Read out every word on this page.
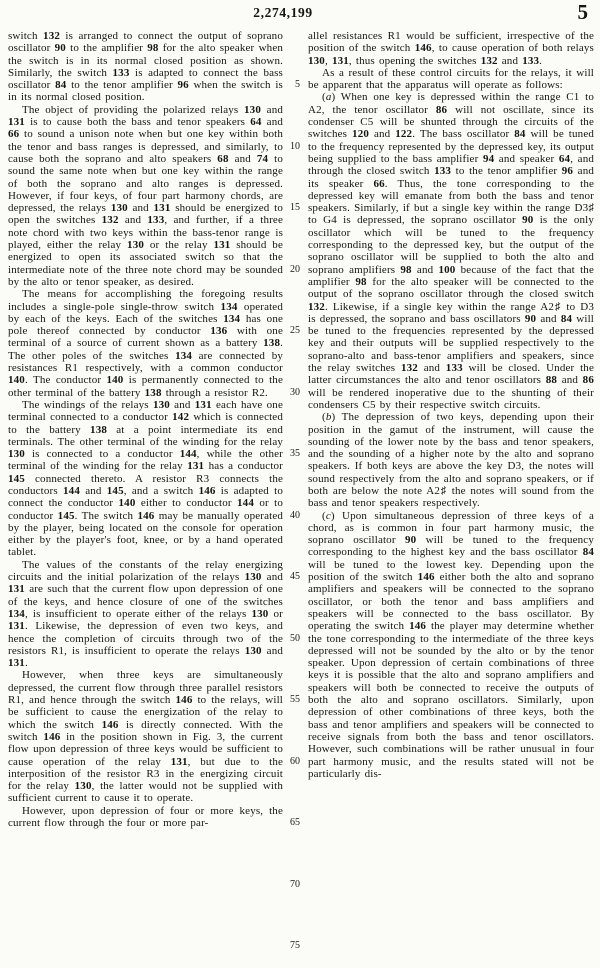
2,274,199	5

switch 132 is arranged to connect the output of soprano oscillator 90 to the amplifier 98 for the alto speaker when the switch is in its normal closed position as shown. Similarly, the switch 133 is adapted to connect the bass oscillator 84 to the tenor amplifier 96 when the switch is in its normal closed position.

The object of providing the polarized relays 130 and 131 is to cause both the bass and tenor speakers 64 and 66 to sound a unison note when but one key within both the tenor and bass ranges is depressed, and similarly, to cause both the soprano and alto speakers 68 and 74 to sound the same note when but one key within the range of both the soprano and alto ranges is depressed. However, if four keys, of four part harmony chords, are depressed, the relays 130 and 131 should be energized to open the switches 132 and 133, and further, if a three note chord with two keys within the bass-tenor range is played, either the relay 130 or the relay 131 should be energized to open its associated switch so that the intermediate note of the three note chord may be sounded by the alto or tenor speaker, as desired.

The means for accomplishing the foregoing results includes a single-pole single-throw switch 134 operated by each of the keys. Each of the switches 134 has one pole thereof connected by conductor 136 with one terminal of a source of current shown as a battery 138. The other poles of the switches 134 are connected by resistances R1 respectively, with a common conductor 140. The conductor 140 is permanently connected to the other terminal of the battery 138 through a resistor R2.

The windings of the relays 130 and 131 each have one terminal connected to a conductor 142 which is connected to the battery 138 at a point intermediate its end terminals. The other terminal of the winding for the relay 130 is connected to a conductor 144, while the other terminal of the winding for the relay 131 has a conductor 145 connected thereto. A resistor R3 connects the conductors 144 and 145, and a switch 146 is adapted to connect the conductor 140 either to conductor 144 or to conductor 145. The switch 146 may be manually operated by the player, being located on the console for operation either by the player's foot, knee, or by a hand operated tablet.

The values of the constants of the relay energizing circuits and the initial polarization of the relays 130 and 131 are such that the current flow upon depression of one of the keys, and hence closure of one of the switches 134, is insufficient to operate either of the relays 130 or 131. Likewise, the depression of even two keys, and hence the completion of circuits through two of the resistors R1, is insufficient to operate the relays 130 and 131.

However, when three keys are simultaneously depressed, the current flow through three parallel resistors R1, and hence through the switch 146 to the relays, will be sufficient to cause the energization of the relay to which the switch 146 is directly connected. With the switch 146 in the position shown in Fig. 3, the current flow upon depression of three keys would be sufficient to cause operation of the relay 131, but due to the interposition of the resistor R3 in the energizing circuit for the relay 130, the latter would not be supplied with sufficient current to cause it to operate.

However, upon depression of four or more keys, the current flow through the four or more par-

allel resistances R1 would be sufficient, irrespective of the position of the switch 146, to cause operation of both relays 130, 131, thus opening the switches 132 and 133.

As a result of these control circuits for the relays, it will be apparent that the apparatus will operate as follows:

(a) When one key is depressed within the range C1 to A2, the tenor oscillator 86 will not oscillate, since its condenser C5 will be shunted through the circuits of the switches 120 and 122. The bass oscillator 84 will be tuned to the frequency represented by the depressed key, its output being supplied to the bass amplifier 94 and speaker 64, and through the closed switch 133 to the tenor amplifier 96 and its speaker 66. Thus, the tone corresponding to the depressed key will emanate from both the bass and tenor speakers. Similarly, if but a single key within the range D3♯ to G4 is depressed, the soprano oscillator 90 is the only oscillator which will be tuned to the frequency corresponding to the depressed key, but the output of the soprano oscillator will be supplied to both the alto and soprano amplifiers 98 and 100 because of the fact that the amplifier 98 for the alto speaker will be connected to the output of the soprano oscillator through the closed switch 132. Likewise, if a single key within the range A2♯ to D3 is depressed, the soprano and bass oscillators 90 and 84 will be tuned to the frequencies represented by the depressed key and their outputs will be supplied respectively to the soprano-alto and bass-tenor amplifiers and speakers, since the relay switches 132 and 133 will be closed. Under the latter circumstances the alto and tenor oscillators 88 and 86 will be rendered inoperative due to the shunting of their condensers C5 by their respective switch circuits.

(b) The depression of two keys, depending upon their position in the gamut of the instrument, will cause the sounding of the lower note by the bass and tenor speakers, and the sounding of a higher note by the alto and soprano speakers. If both keys are above the key D3, the notes will sound respectively from the alto and soprano speakers, or if both are below the note A2♯ the notes will sound from the bass and tenor speakers respectively.

(c) Upon simultaneous depression of three keys of a chord, as is common in four part harmony music, the soprano oscillator 90 will be tuned to the frequency corresponding to the highest key and the bass oscillator 84 will be tuned to the lowest key. Depending upon the position of the switch 146 either both the alto and soprano amplifiers and speakers will be connected to the soprano oscillator, or both the tenor and bass amplifiers and speakers will be connected to the bass oscillator. By operating the switch 146 the player may determine whether the tone corresponding to the intermediate of the three keys depressed will not be sounded by the alto or by the tenor speaker. Upon depression of certain combinations of three keys it is possible that the alto and soprano amplifiers and speakers will both be connected to receive the outputs of both the alto and soprano oscillators. Similarly, upon depression of other combinations of three keys, both the bass and tenor amplifiers and speakers will be connected to receive signals from both the bass and tenor oscillators. However, such combinations will be rather unusual in four part harmony music, and the results stated will not be particularly dis-

5
10
15
20
25
30
35
40
45
50
55
60
65
70
75
